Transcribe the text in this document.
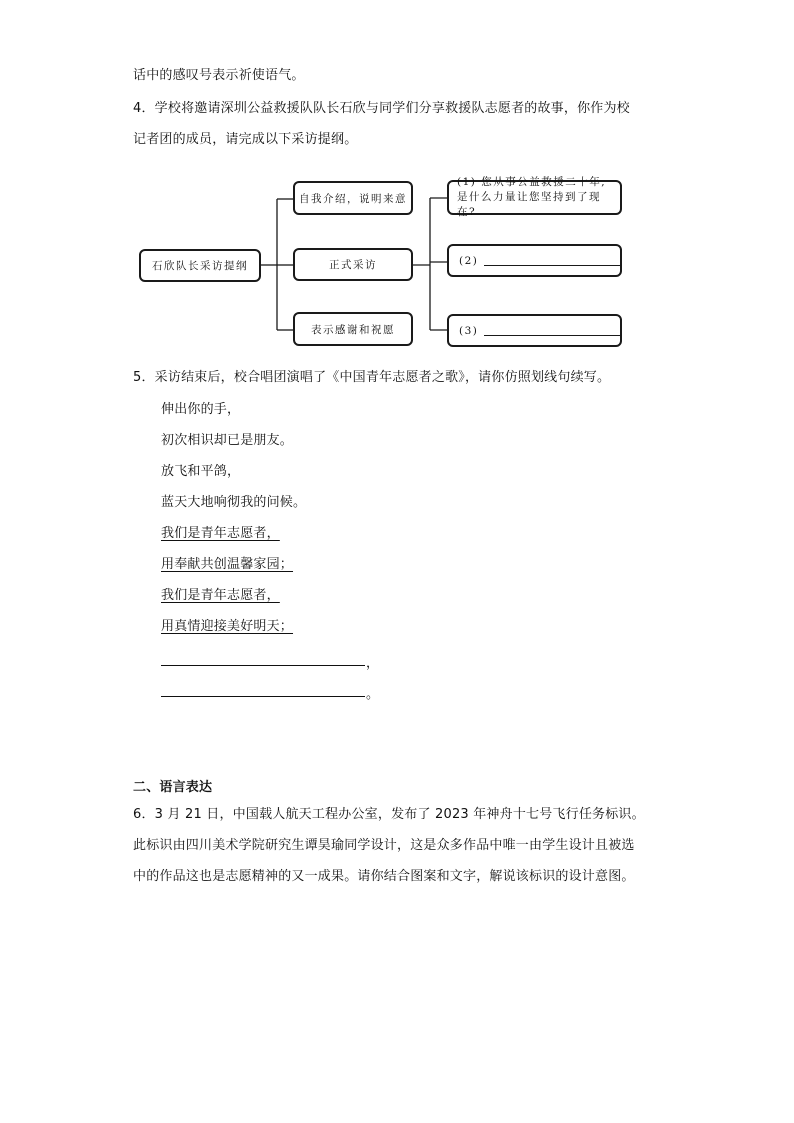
话中的感叹号表示祈使语气。
4．学校将邀请深圳公益救援队队长石欣与同学们分享救援队志愿者的故事，你作为校
记者团的成员，请完成以下采访提纲。
石欣队长采访提纲
自我介绍，说明来意
正式采访
表示感谢和祝愿
(1) 您从事公益救援二十年,
是什么力量让您坚持到了现在?
(2)
(3)
5．采访结束后，校合唱团演唱了《中国青年志愿者之歌》，请你仿照划线句续写。
伸出你的手，
初次相识却已是朋友。
放飞和平鸽，
蓝天大地响彻我的问候。
我们是青年志愿者，
用奉献共创温馨家园；
我们是青年志愿者，
用真情迎接美好明天；
，
。
二、语言表达
6．3 月 21 日，中国载人航天工程办公室，发布了 2023 年神舟十七号飞行任务标识。
此标识由四川美术学院研究生谭昊瑜同学设计，这是众多作品中唯一由学生设计且被选
中的作品这也是志愿精神的又一成果。请你结合图案和文字，解说该标识的设计意图。
